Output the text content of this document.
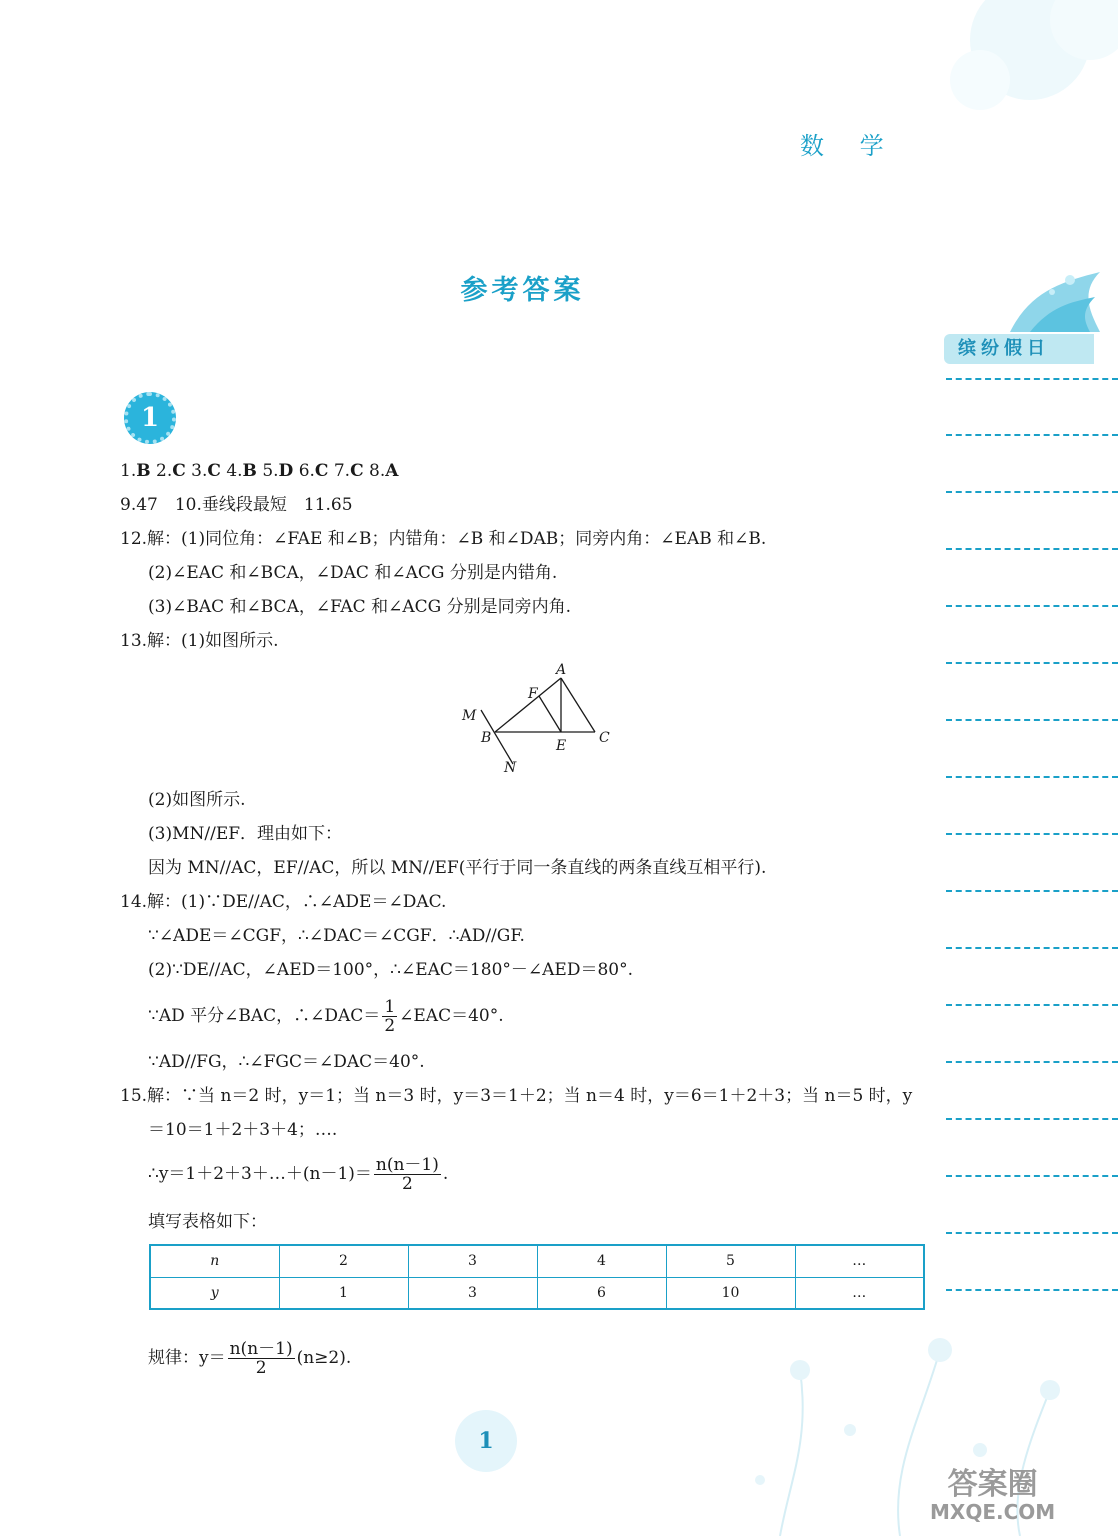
数 学
参考答案
缤纷假日
1
1.B 2.C 3.C 4.B 5.D 6.C 7.C 8.A
9.47　10.垂线段最短　11.65
12.解：(1)同位角：∠FAE 和∠B；内错角：∠B 和∠DAB；同旁内角：∠EAB 和∠B.
(2)∠EAC 和∠BCA，∠DAC 和∠ACG 分别是内错角.
(3)∠BAC 和∠BCA，∠FAC 和∠ACG 分别是同旁内角.
13.解：(1)如图所示.
A
F
M
B	E C
N
(2)如图所示.
(3)MN//EF．理由如下：
因为 MN//AC，EF//AC，所以 MN//EF(平行于同一条直线的两条直线互相平行).
14.解：(1)∵DE//AC，∴∠ADE＝∠DAC.
∵∠ADE＝∠CGF，∴∠DAC＝∠CGF．∴AD//GF.
(2)∵DE//AC，∠AED＝100°，∴∠EAC＝180°－∠AED＝80°.
∵AD 平分∠BAC，∴∠DAC＝ $\frac{1}{2}$ ∠EAC＝40°.
∵AD//FG，∴∠FGC＝∠DAC＝40°.
15.解：∵当 n＝2 时，y＝1；当 n＝3 时，y＝3＝1＋2；当 n＝4 时，y＝6＝1＋2＋3；当 n＝5 时，y
＝10＝1＋2＋3＋4；….
∴y＝1＋2＋3＋…＋(n－1)＝ $\frac{n(n-1)}{2}$ .
填写表格如下：
n	2	3	4	5	…
y	1	3	6	10	…
规律：$y= \frac{n(n-1)}{2} (n\ge 2)$.
1
答案圈
MXQE.COM
